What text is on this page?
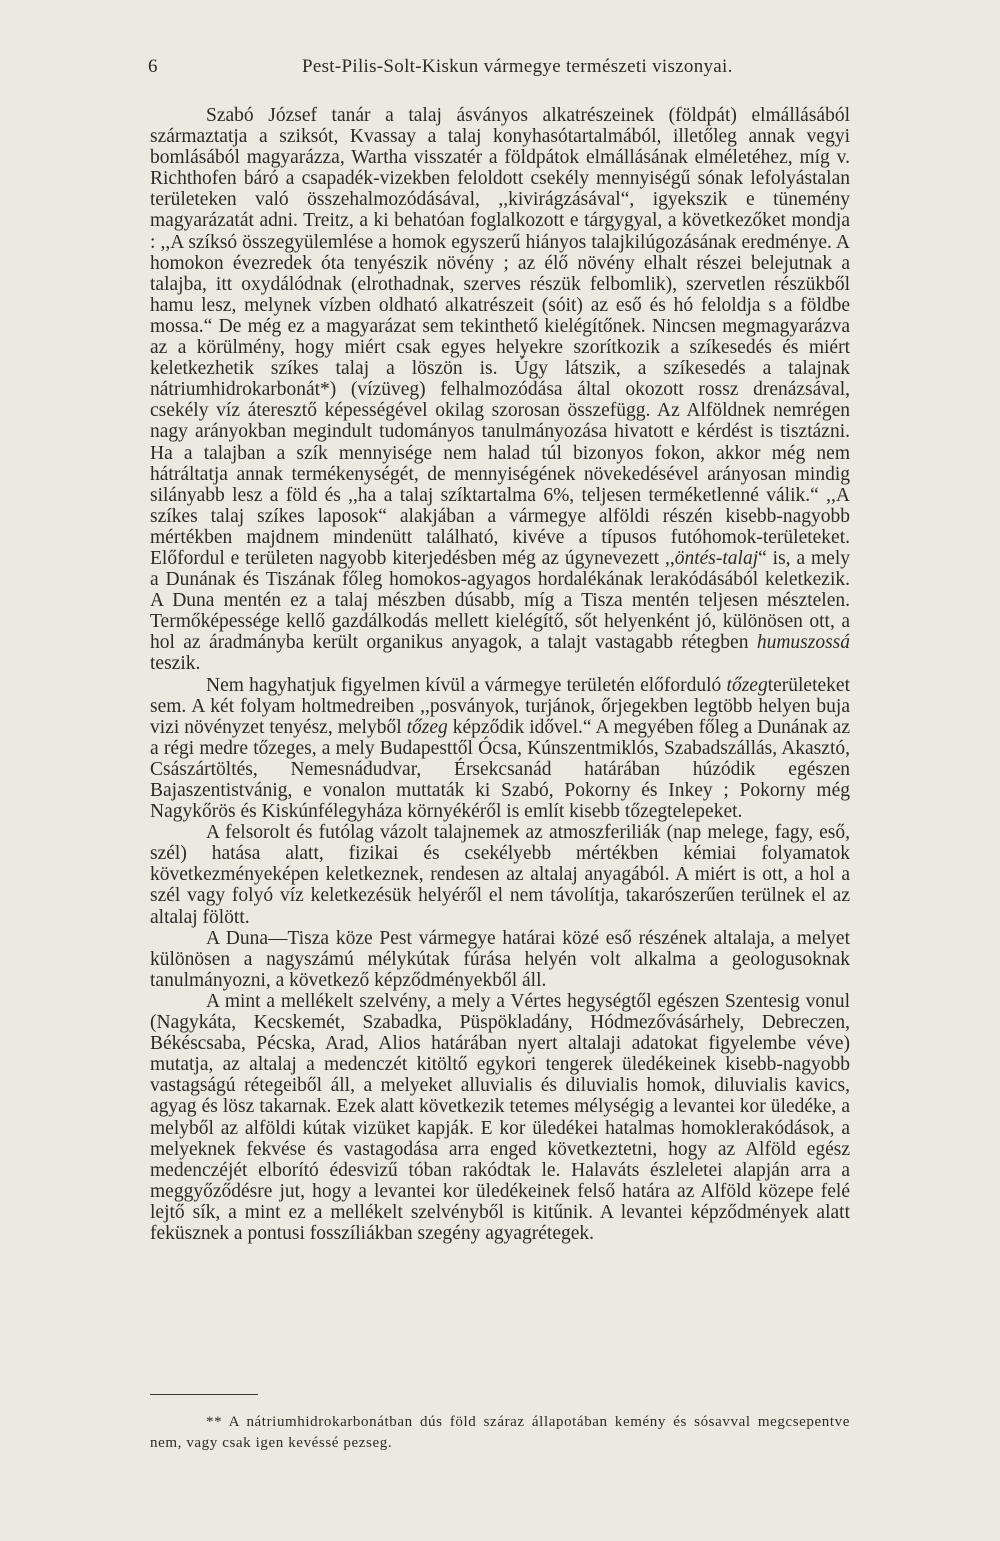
6	Pest-Pilis-Solt-Kiskun vármegye természeti viszonyai.

Szabó József tanár a talaj ásványos alkatrészeinek (földpát) elmállásából származtatja a sziksót, Kvassay a talaj konyhasótartalmából, illetőleg annak vegyi bomlásából magyarázza, Wartha visszatér a földpátok elmállásának elméletéhez, míg v. Richthofen báró a csapadék-vizekben feloldott csekély mennyiségű sónak lefolyástalan területeken való összehalmozódásával, ,,kivirágzásával“, igyekszik e tünemény magyarázatát adni. Treitz, a ki behatóan foglalkozott e tárgygyal, a következőket mondja : ,,A szíksó összegyülemlése a homok egyszerű hiányos talajkilúgozásának eredménye. A homokon évezredek óta tenyészik növény ; az élő növény elhalt részei belejutnak a talajba, itt oxydálódnak (elrothadnak, szerves részük felbomlik), szervetlen részükből hamu lesz, melynek vízben oldható alkatrészeit (sóit) az eső és hó feloldja s a földbe mossa.“ De még ez a magyarázat sem tekinthető kielégítőnek. Nincsen megmagyarázva az a körülmény, hogy miért csak egyes helyekre szorítkozik a szíkesedés és miért keletkezhetik szíkes talaj a löszön is. Úgy látszik, a szíkesedés a talajnak nátriumhidrokarbonát*) (vízüveg) felhalmozódása által okozott rossz drenázsával, csekély víz áteresztő képességével okilag szorosan összefügg. Az Alföldnek nemrégen nagy arányokban megindult tudományos tanulmányozása hivatott e kérdést is tisztázni. Ha a talajban a szík mennyisége nem halad túl bizonyos fokon, akkor még nem hátráltatja annak termékenységét, de mennyiségének növekedésével arányosan mindig silányabb lesz a föld és ,,ha a talaj szíktartalma 6%, teljesen terméketlenné válik.“ ,,A szíkes talaj szíkes laposok“ alakjában a vármegye alföldi részén kisebb-nagyobb mértékben majdnem mindenütt található, kivéve a típusos futóhomok-területeket. Előfordul e területen nagyobb kiterjedésben még az úgynevezett ,,öntés-talaj“ is, a mely a Dunának és Tiszának főleg homokos-agyagos hordalékának lerakódásából keletkezik. A Duna mentén ez a talaj mészben dúsabb, míg a Tisza mentén teljesen mésztelen. Termőképessége kellő gazdálkodás mellett kielégítő, sőt helyenként jó, különösen ott, a hol az áradmányba került organikus anyagok, a talajt vastagabb rétegben humuszossá teszik.

Nem hagyhatjuk figyelmen kívül a vármegye területén előforduló tőzegterületeket sem. A két folyam holtmedreiben ,,posványok, turjánok, őrjegekben legtöbb helyen buja vizi növényzet tenyész, melyből tőzeg képződik idővel.“ A megyében főleg a Dunának az a régi medre tőzeges, a mely Budapesttől Ócsa, Kúnszentmiklós, Szabadszállás, Akasztó, Császártöltés, Nemesnádudvar, Érsekcsanád határában húzódik egészen Bajaszentistvánig, e vonalon muttaták ki Szabó, Pokorny és Inkey ; Pokorny még Nagykőrös és Kiskúnfélegyháza környékéről is említ kisebb tőzegtelepeket.

A felsorolt és futólag vázolt talajnemek az atmoszferiliák (nap melege, fagy, eső, szél) hatása alatt, fizikai és csekélyebb mértékben kémiai folyamatok következményeképen keletkeznek, rendesen az altalaj anyagából. A miért is ott, a hol a szél vagy folyó víz keletkezésük helyéről el nem távolítja, takarószerűen terülnek el az altalaj fölött.

A Duna—Tisza köze Pest vármegye határai közé eső részének altalaja, a melyet különösen a nagyszámú mélykútak fúrása helyén volt alkalma a geologusoknak tanulmányozni, a következő képződményekből áll.

A mint a mellékelt szelvény, a mely a Vértes hegységtől egészen Szentesig vonul (Nagykáta, Kecskemét, Szabadka, Püspökladány, Hódmezővásárhely, Debreczen, Békéscsaba, Pécska, Arad, Alios határában nyert altalaji adatokat figyelembe véve) mutatja, az altalaj a medenczét kitöltő egykori tengerek üledékeinek kisebb-nagyobb vastagságú rétegeiből áll, a melyeket alluvialis és diluvialis homok, diluvialis kavics, agyag és lösz takarnak. Ezek alatt következik tetemes mélységig a levantei kor üledéke, a melyből az alföldi kútak vizüket kapják. E kor üledékei hatalmas homoklerakódások, a melyeknek fekvése és vastagodása arra enged következtetni, hogy az Alföld egész medenczéjét elborító édesvizű tóban rakódtak le. Halaváts észleletei alapján arra a meggyőződésre jut, hogy a levantei kor üledékeinek felső határa az Alföld közepe felé lejtő sík, a mint ez a mellékelt szelvényből is kitűnik. A levantei képződmények alatt feküsznek a pontusi fosszíliákban szegény agyagrétegek.

** A nátriumhidrokarbonátban dús föld száraz állapotában kemény és sósavval megcsepentve nem, vagy csak igen kevéssé pezseg.
